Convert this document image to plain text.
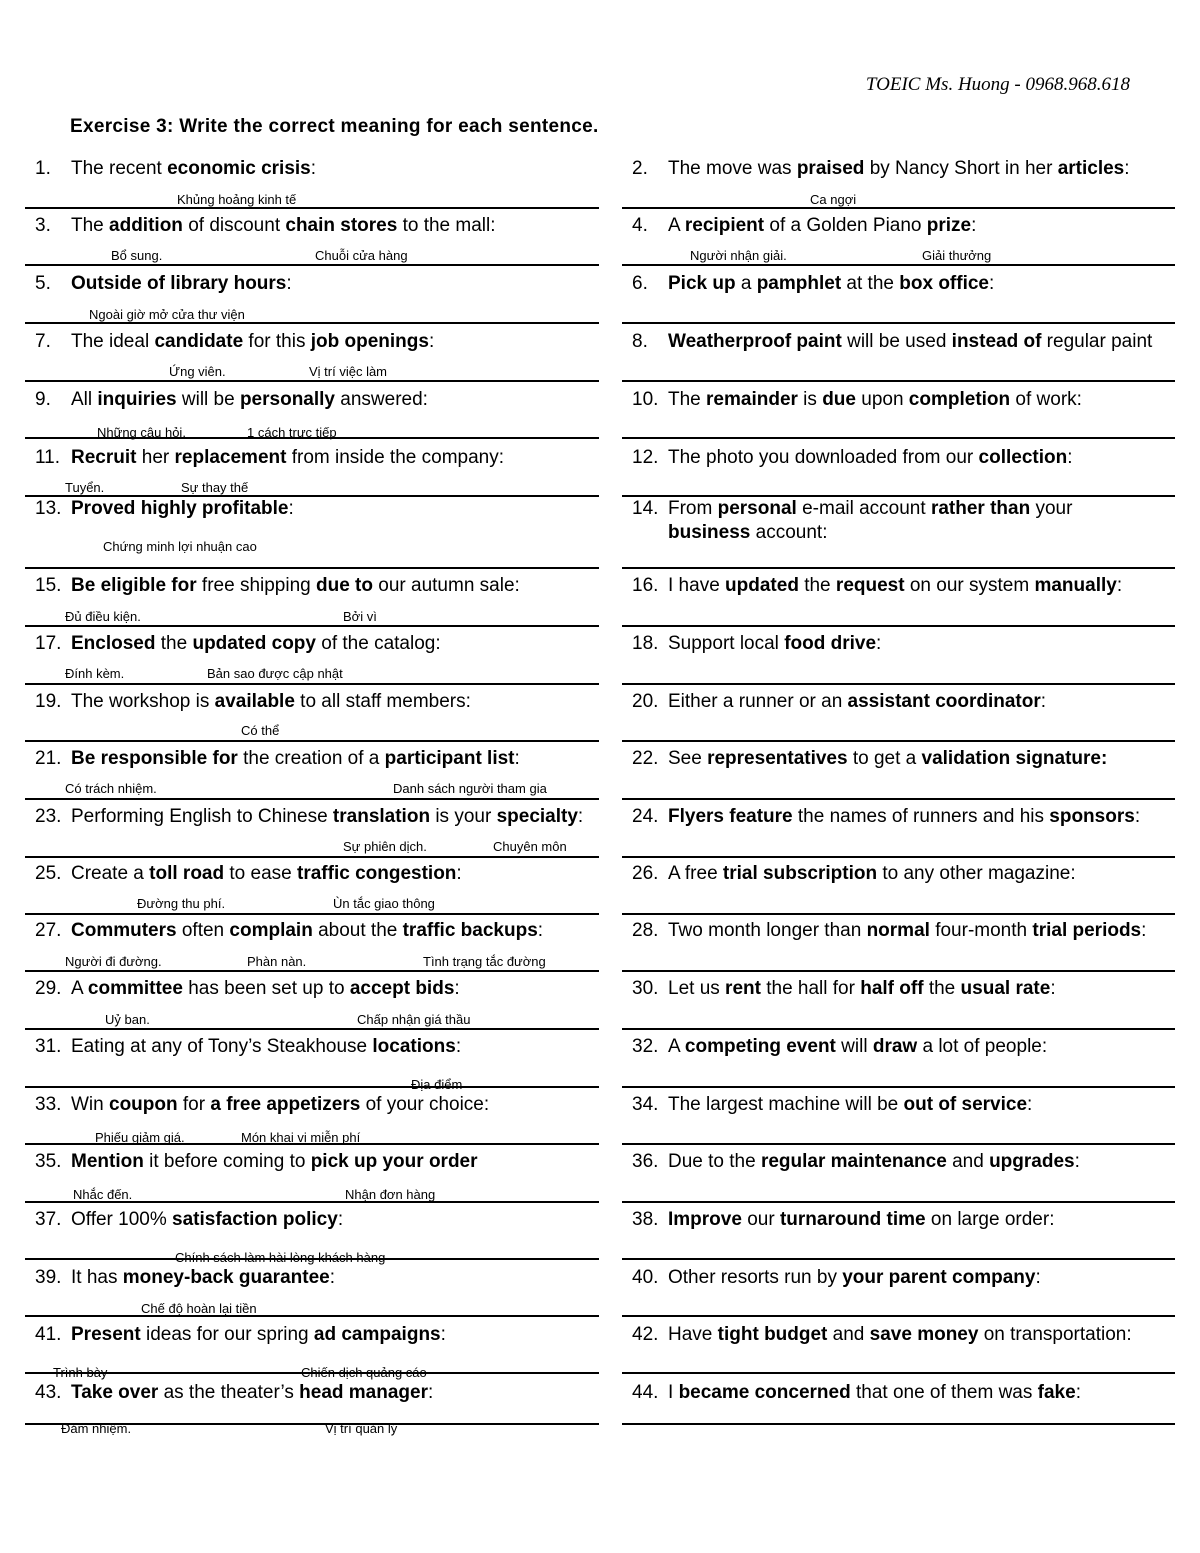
TOEIC Ms. Huong - 0968.968.618
Exercise 3: Write the correct meaning for each sentence.
1. The recent economic crisis:
Khủng hoảng kinh tế
2. The move was praised by Nancy Short in her articles:
Ca ngợi
3. The addition of discount chain stores to the mall:
Bổ sung.	Chuỗi cửa hàng
4. A recipient of a Golden Piano prize:
Người nhận giải.	Giải thưởng
5. Outside of library hours:
Ngoài giờ mở cửa thư viện
6. Pick up a pamphlet at the box office:
7. The ideal candidate for this job openings:
Ứng viên.	Vị trí việc làm
8. Weatherproof paint will be used instead of regular paint
9. All inquiries will be personally answered:
Những câu hỏi.	1 cách trực tiếp
10. The remainder is due upon completion of work:
11. Recruit her replacement from inside the company:
Tuyển.	Sự thay thế
12. The photo you downloaded from our collection:
13. Proved highly profitable:
Chứng minh lợi nhuận cao
14. From personal e-mail account rather than your business account:
15. Be eligible for free shipping due to our autumn sale:
Đủ điều kiện.	Bởi vì
16. I have updated the request on our system manually:
17. Enclosed the updated copy of the catalog:
Đính kèm.	Bản sao được cập nhật
18. Support local food drive:
19. The workshop is available to all staff members:
Có thể
20. Either a runner or an assistant coordinator:
21. Be responsible for the creation of a participant list:
Có trách nhiệm.	Danh sách người tham gia
22. See representatives to get a validation signature:
23. Performing English to Chinese translation is your specialty:
Sự phiên dịch.	Chuyên môn
24. Flyers feature the names of runners and his sponsors:
25. Create a toll road to ease traffic congestion:
Đường thu phí.	Ùn tắc giao thông
26. A free trial subscription to any other magazine:
27. Commuters often complain about the traffic backups:
Người đi đường.	Phàn nàn.	Tình trạng tắc đường
28. Two month longer than normal four-month trial periods:
29. A committee has been set up to accept bids:
Uỷ ban.	Chấp nhận giá thầu
30. Let us rent the hall for half off the usual rate:
31. Eating at any of Tony’s Steakhouse locations:
Địa điểm
32. A competing event will draw a lot of people:
33. Win coupon for a free appetizers of your choice:
Phiếu giảm giá.	Món khai vị miễn phí
34. The largest machine will be out of service:
35. Mention it before coming to pick up your order
Nhắc đến.	Nhận đơn hàng
36. Due to the regular maintenance and upgrades:
37. Offer 100% satisfaction policy:
Chính sách làm hài lòng khách hàng
38. Improve our turnaround time on large order:
39. It has money-back guarantee:
Chế độ hoàn lại tiền
40. Other resorts run by your parent company:
41. Present ideas for our spring ad campaigns:
Trình bày	Chiến dịch quảng cáo
42. Have tight budget and save money on transportation:
43. Take over as the theater’s head manager:
Đảm nhiệm.	Vị trí quản lý
44. I became concerned that one of them was fake:
